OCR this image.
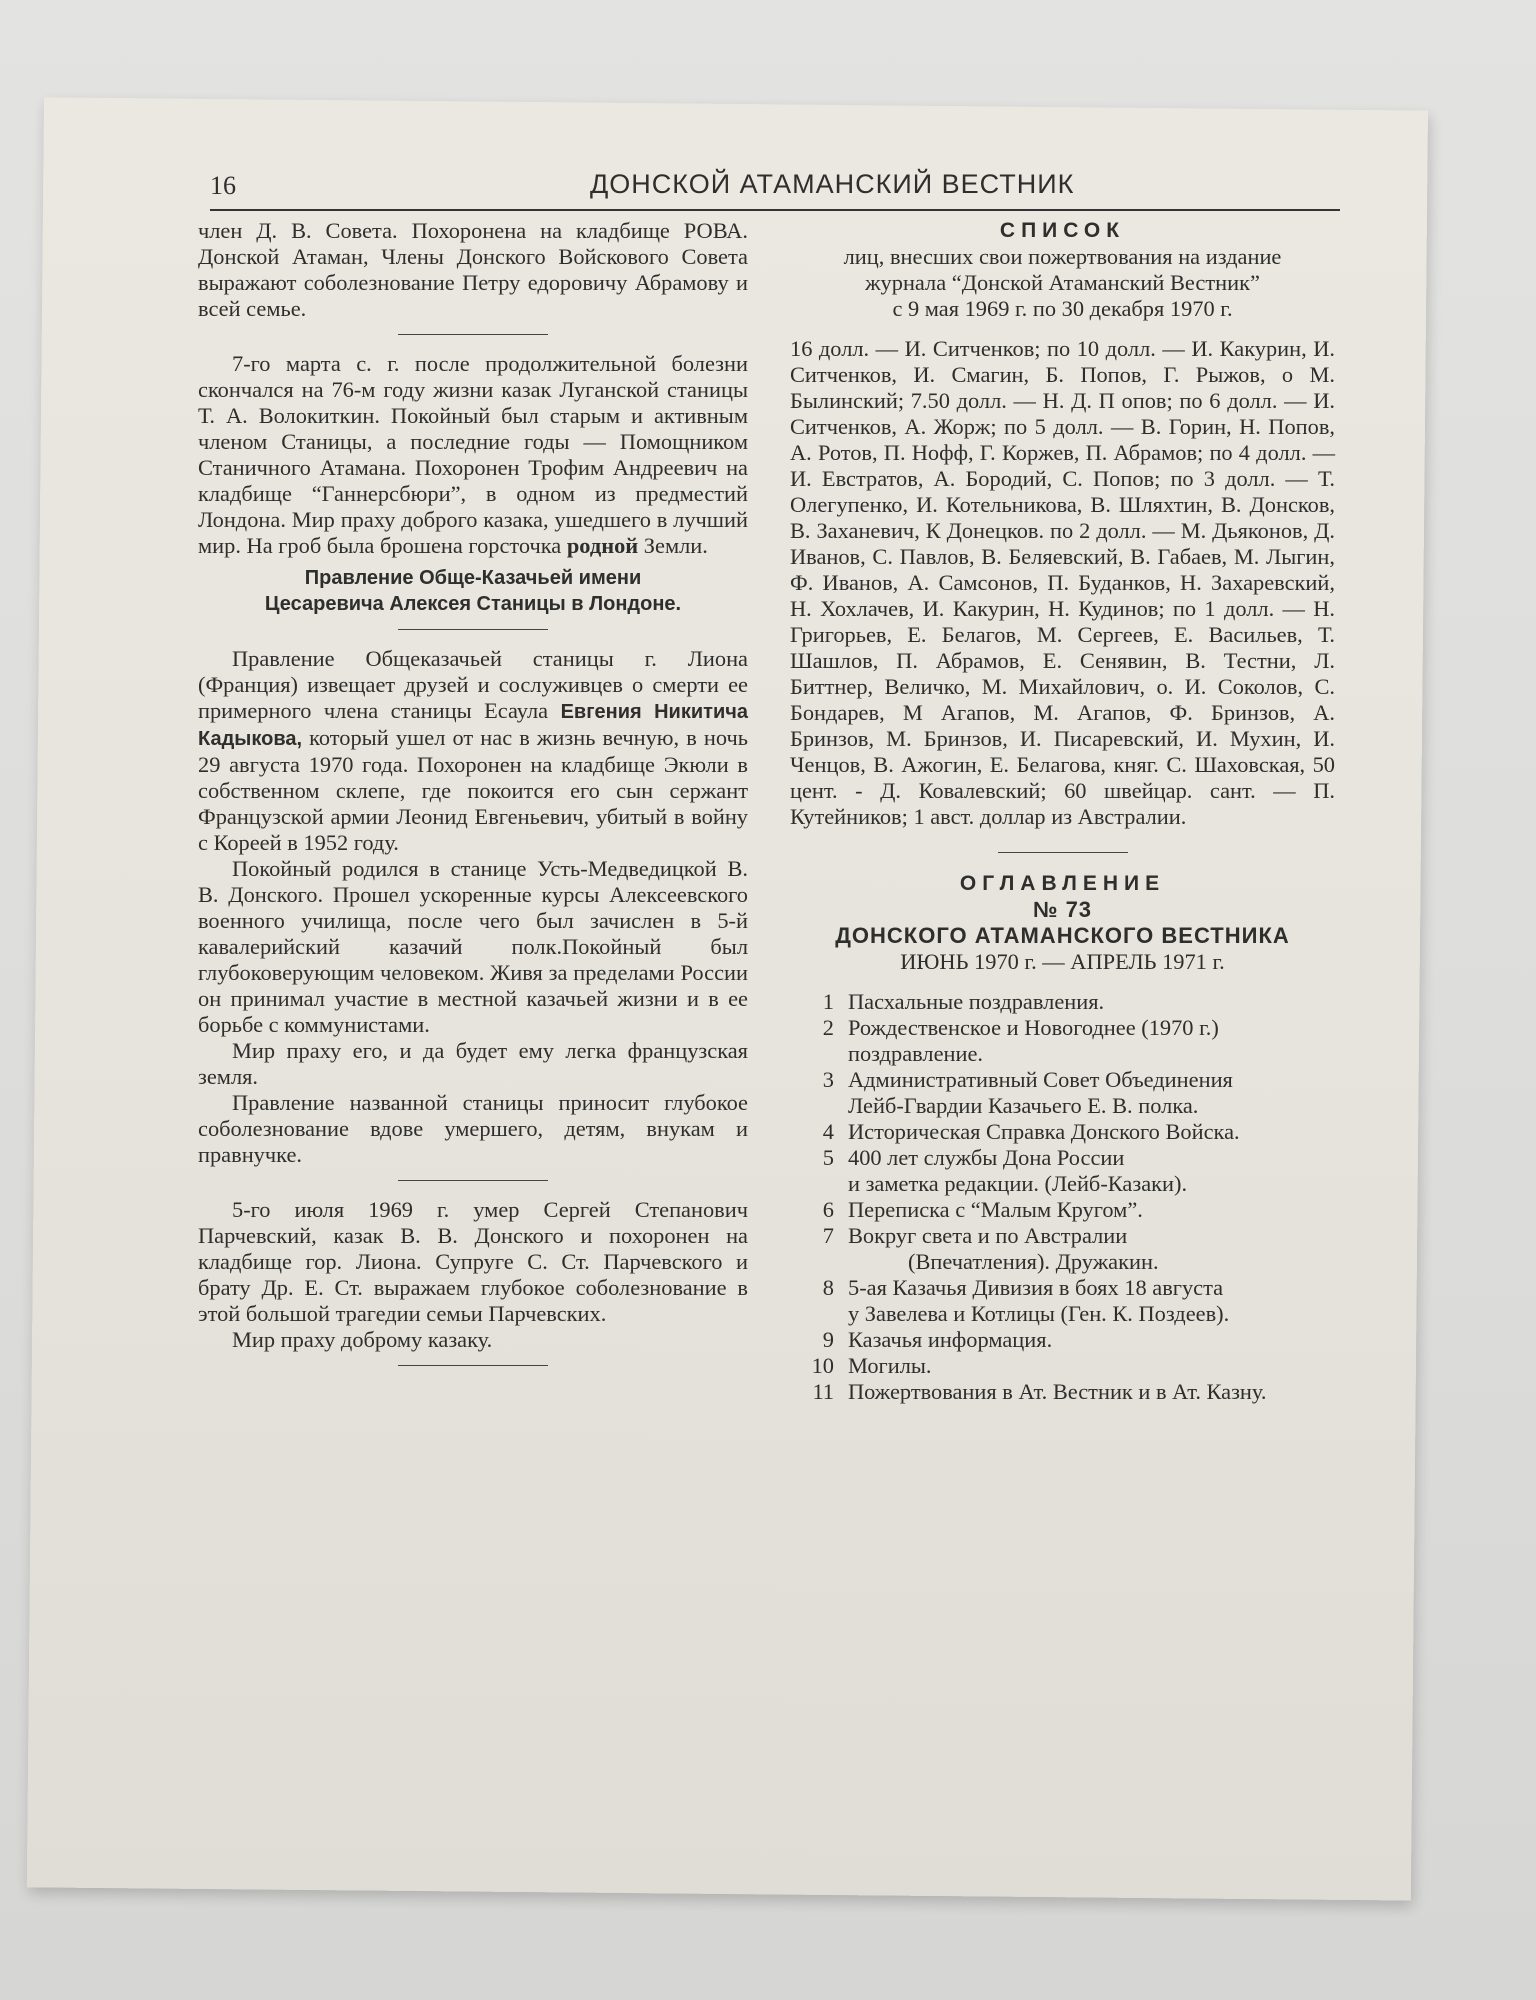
16	ДОНСКОЙ АТАМАНСКИЙ ВЕСТНИК

член Д. В. Совета. Похоронена на кладбище РОВА. Донской Атаман, Члены Донского Войскового Совета выражают соболезнование Петру едоровичу Абрамову и всей семье.

7-го марта с. г. после продолжительной болезни скончался на 76-м году жизни казак Луганской станицы Т. А. Волокиткин. Покойный был старым и активным членом Станицы, а последние годы — Помощником Станичного Атамана. Похоронен Трофим Андреевич на кладбище “Ганнерсбюри”, в одном из предместий Лондона. Мир праху доброго казака, ушедшего в лучший мир. На гроб была брошена горсточка родной Земли.

Правление Обще-Казачьей имени

Цесаревича Алексея Станицы в Лондоне.

Правление Общеказачьей станицы г. Лиона (Франция) извещает друзей и сослуживцев о смерти ее примерного члена станицы Есаула Евгения Никитича Кадыкова, который ушел от нас в жизнь вечную, в ночь 29 августа 1970 года. Похоронен на кладбище Экюли в собственном склепе, где покоится его сын сержант Французской армии Леонид Евгеньевич, убитый в войну с Кореей в 1952 году.

Покойный родился в станице Усть-Медведицкой В. В. Донского. Прошел ускоренные курсы Алексеевского военного училища, после чего был зачислен в 5-й кавалерийский казачий полк.Покойный был глубоковерующим человеком. Живя за пределами России он принимал участие в местной казачьей жизни и в ее борьбе с коммунистами.

Мир праху его, и да будет ему легка французская земля.

Правление названной станицы приносит глубокое соболезнование вдове умершего, детям, внукам и правнучке.

5-го июля 1969 г. умер Сергей Степанович Парчевский, казак В. В. Донского и похоронен на кладбище гор. Лиона. Супруге С. Ст. Парчевского и брату Др. Е. Ст. выражаем глубокое соболезнование в этой большой трагедии семьи Парчевских.

Мир праху доброму казаку.

СПИСОК

лиц, внесших свои пожертвования на издание

журнала “Донской Атаманский Вестник”

с 9 мая 1969 г. по 30 декабря 1970 г.

16 долл. — И. Ситченков; по 10 долл. — И. Какурин, И. Ситченков, И. Смагин, Б. Попов, Г. Рыжов, о М. Былинский; 7.50 долл. — Н. Д. П опов; по 6 долл. — И. Ситченков, А. Жорж; по 5 долл. — В. Горин, Н. Попов, А. Ротов, П. Нофф, Г. Коржев, П. Абрамов; по 4 долл. — И. Евстратов, А. Бородий, С. Попов; по 3 долл. — Т. Олегупенко, И. Котельникова, В. Шляхтин, В. Донсков, В. Заханевич, К Донецков. по 2 долл. — М. Дьяконов, Д. Иванов, С. Павлов, В. Беляевский, В. Габаев, М. Лыгин, Ф. Иванов, А. Самсонов, П. Буданков, Н. Захаревский, Н. Хохлачев, И. Какурин, Н. Кудинов; по 1 долл. — Н. Григорьев, Е. Белагов, М. Сергеев, Е. Васильев, Т. Шашлов, П. Абрамов, Е. Сенявин, В. Тестни, Л. Биттнер, Величко, М. Михайлович, о. И. Соколов, С. Бондарев, М Агапов, М. Агапов, Ф. Бринзов, А. Бринзов, М. Бринзов, И. Писаревский, И. Мухин, И. Ченцов, В. Ажогин, Е. Белагова, княг. С. Шаховская, 50 цент. - Д. Ковалевский; 60 швейцар. сант. — П. Кутейников; 1 авст. доллар из Австралии.

ОГЛАВЛЕНИЕ

№ 73

ДОНСКОГО АТАМАНСКОГО ВЕСТНИКА

ИЮНЬ 1970 г. — АПРЕЛЬ 1971 г.

1 Пасхальные поздравления.
2 Рождественское и Новогоднее (1970 г.)
поздравление.
3 Административный Совет Объединения
Лейб-Гвардии Казачьего Е. В. полка.
4 Историческая Справка Донского Войска.
5 400 лет службы Дона России
и заметка редакции. (Лейб-Казаки).
6 Переписка с “Малым Кругом”.
7 Вокруг света и по Австралии
(Впечатления). Дружакин.
8 5-ая Казачья Дивизия в боях 18 августа
у Завелева и Котлицы (Ген. К. Поздеев).
9 Казачья информация.
10 Могилы.
11 Пожертвования в Ат. Вестник и в Ат. Казну.
